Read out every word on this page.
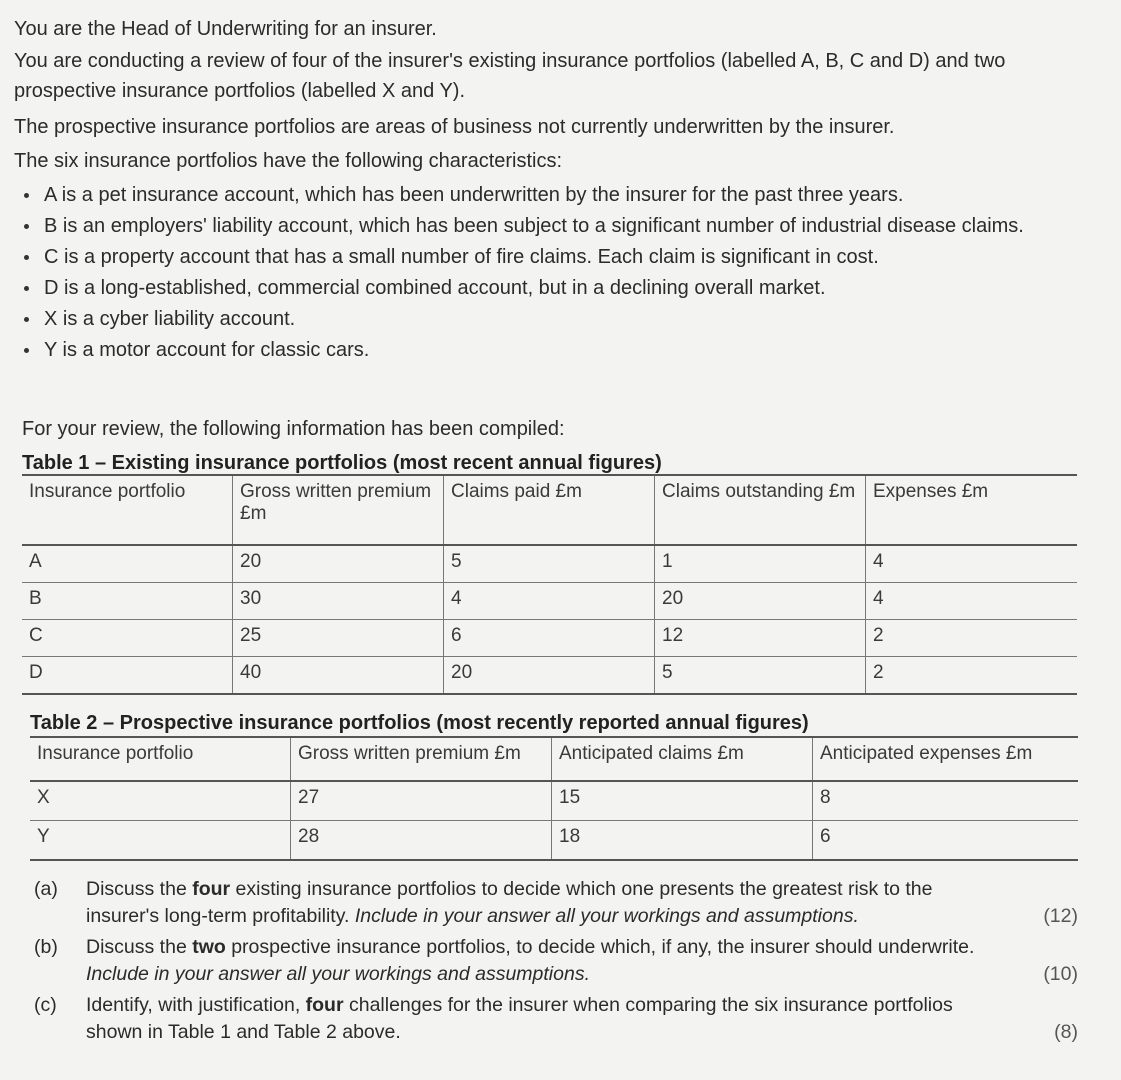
You are the Head of Underwriting for an insurer.

You are conducting a review of four of the insurer's existing insurance portfolios (labelled A, B, C and D) and two prospective insurance portfolios (labelled X and Y).

The prospective insurance portfolios are areas of business not currently underwritten by the insurer.

The six insurance portfolios have the following characteristics:

A is a pet insurance account, which has been underwritten by the insurer for the past three years.
B is an employers' liability account, which has been subject to a significant number of industrial disease claims.
C is a property account that has a small number of fire claims. Each claim is significant in cost.
D is a long-established, commercial combined account, but in a declining overall market.
X is a cyber liability account.
Y is a motor account for classic cars.

For your review, the following information has been compiled:

Table 1 – Existing insurance portfolios (most recent annual figures)

Insurance portfolio	Gross written premium £m	Claims paid £m	Claims outstanding £m	Expenses £m
A	20	5	1	4
B	30	4	20	4
C	25	6	12	2
D	40	20	5	2

Table 2 – Prospective insurance portfolios (most recently reported annual figures)

Insurance portfolio	Gross written premium £m	Anticipated claims £m	Anticipated expenses £m
X	27	15	8
Y	28	18	6

(a) Discuss the four existing insurance portfolios to decide which one presents the greatest risk to the insurer's long-term profitability. Include in your answer all your workings and assumptions.	(12)

(b) Discuss the two prospective insurance portfolios, to decide which, if any, the insurer should underwrite. Include in your answer all your workings and assumptions.	(10)

(c) Identify, with justification, four challenges for the insurer when comparing the six insurance portfolios shown in Table 1 and Table 2 above.	(8)
